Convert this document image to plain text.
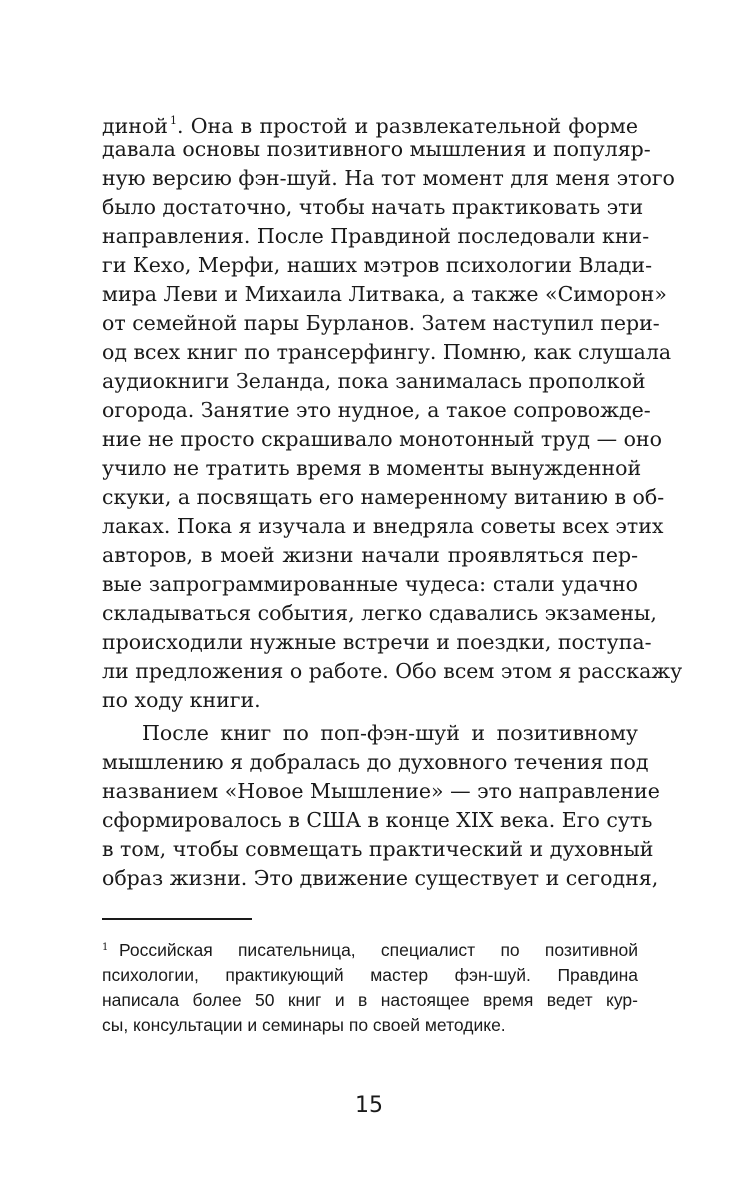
диной $^1$. Она в простой и развлекательной форме
давала основы позитивного мышления и популяр-
ную версию фэн-шуй. На тот момент для меня этого
было достаточно, чтобы начать практиковать эти
направления. После Правдиной последовали кни-
ги Кехо, Мерфи, наших мэтров психологии Влади-
мира Леви и Михаила Литвака, а также «Симорон»
от семейной пары Бурланов. Затем наступил пери-
од всех книг по трансерфингу. Помню, как слушала
аудиокниги Зеланда, пока занималась прополкой
огорода. Занятие это нудное, а такое сопровожде-
ние не просто скрашивало монотонный труд — оно
учило не тратить время в моменты вынужденной
скуки, а посвящать его намеренному витанию в об-
лаках. Пока я изучала и внедряла советы всех этих
авторов, в моей жизни начали проявляться пер-
вые запрограммированные чудеса: стали удачно
складываться события, легко сдавались экзамены,
происходили нужные встречи и поездки, поступа-
ли предложения о работе. Обо всем этом я расскажу
по ходу книги.
После книг по поп-фэн-шуй и позитивному
мышлению я добралась до духовного течения под
названием «Новое Мышление» — это направление
сформировалось в США в конце XIX века. Его суть
в том, чтобы совмещать практический и духовный
образ жизни. Это движение существует и сегодня,
1 Российская писательница, специалист по позитивной
психологии, практикующий мастер фэн-шуй. Правдина
написала более 50 книг и в настоящее время ведет кур-
сы, консультации и семинары по своей методике.
15
